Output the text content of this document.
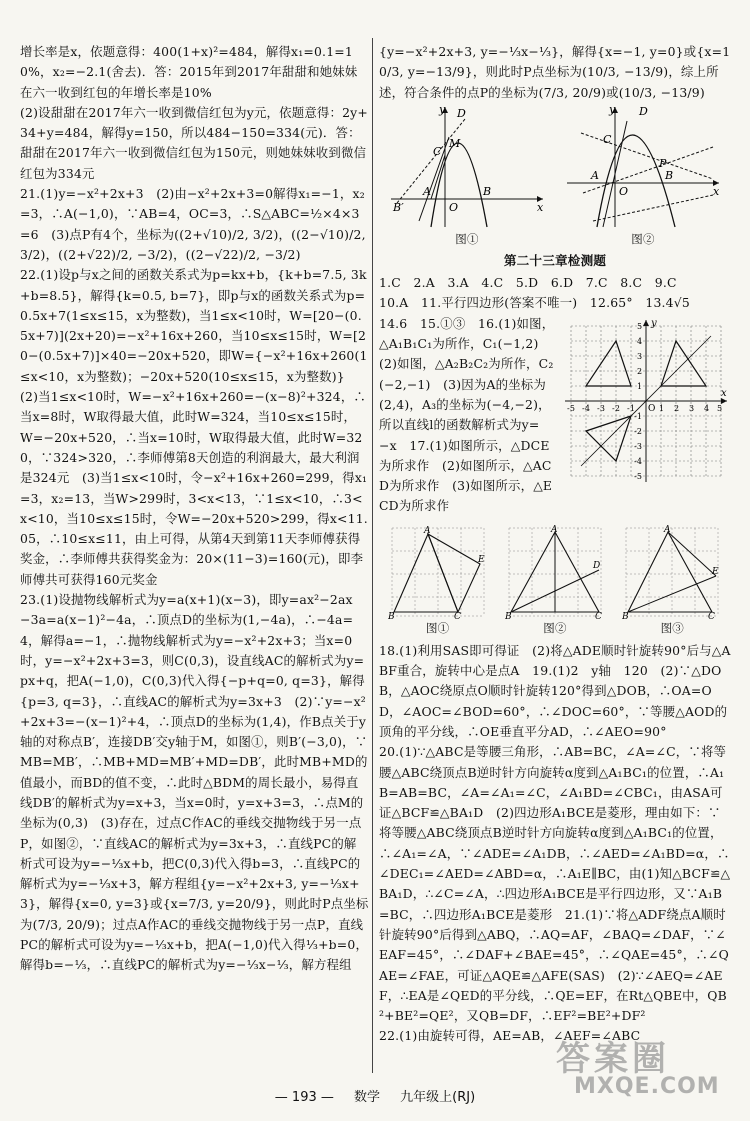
增长率是x，依题意得：400(1+x)²=484，解得x₁=0.1=10%，x₂=−2.1(舍去)．答：2015年到2017年甜甜和她妹妹在六一收到红包的年增长率是10%

(2)设甜甜在2017年六一收到微信红包为y元，依题意得：2y+34+y=484，解得y=150，所以484−150=334(元)．答：甜甜在2017年六一收到微信红包为150元，则她妹妹收到微信红包为334元

21.(1)y=−x²+2x+3　(2)由−x²+2x+3=0解得x₁=−1，x₂=3，∴A(−1,0)，∵AB=4，OC=3，∴S△ABC=½×4×3=6　(3)点P有4个，坐标为((2+√10)/2, 3/2)，((2−√10)/2, 3/2)，((2+√22)/2, −3/2)，((2−√22)/2, −3/2)

22.(1)设p与x之间的函数关系式为p=kx+b，{k+b=7.5, 3k+b=8.5}，解得{k=0.5, b=7}，即p与x的函数关系式为p=0.5x+7(1≤x≤15，x为整数)，当1≤x<10时，W=[20−(0.5x+7)](2x+20)=−x²+16x+260，当10≤x≤15时，W=[20−(0.5x+7)]×40=−20x+520，即W={−x²+16x+260(1≤x<10，x为整数)；−20x+520(10≤x≤15，x为整数)}　(2)当1≤x<10时，W=−x²+16x+260=−(x−8)²+324，∴当x=8时，W取得最大值，此时W=324，当10≤x≤15时，W=−20x+520，∴当x=10时，W取得最大值，此时W=320，∵324>320，∴李师傅第8天创造的利润最大，最大利润是324元　(3)当1≤x<10时，令−x²+16x+260=299，得x₁=3，x₂=13，当W>299时，3<x<13，∵1≤x<10，∴3<x<10，当10≤x≤15时，令W=−20x+520>299，得x<11.05，∴10≤x≤11，由上可得，从第4天到第11天李师傅获得奖金，∴李师傅共获得奖金为：20×(11−3)=160(元)，即李师傅共可获得160元奖金

23.(1)设抛物线解析式为y=a(x+1)(x−3)，即y=ax²−2ax−3a=a(x−1)²−4a，∴顶点D的坐标为(1,−4a)，∴−4a=4，解得a=−1，∴抛物线解析式为y=−x²+2x+3；当x=0时，y=−x²+2x+3=3，则C(0,3)，设直线AC的解析式为y=px+q，把A(−1,0)，C(0,3)代入得{−p+q=0, q=3}，解得{p=3, q=3}，∴直线AC的解析式为y=3x+3　(2)∵y=−x²+2x+3=−(x−1)²+4，∴顶点D的坐标为(1,4)，作B点关于y轴的对称点B′，连接DB′交y轴于M，如图①，则B′(−3,0)，∵MB=MB′，∴MB+MD=MB′+MD=DB′，此时MB+MD的值最小，而BD的值不变，∴此时△BDM的周长最小，易得直线DB′的解析式为y=x+3，当x=0时，y=x+3=3，∴点M的坐标为(0,3)　(3)存在，过点C作AC的垂线交抛物线于另一点P，如图②，∵直线AC的解析式为y=3x+3，∴直线PC的解析式可设为y=−⅓x+b，把C(0,3)代入得b=3，∴直线PC的解析式为y=−⅓x+3，解方程组{y=−x²+2x+3, y=−⅓x+3}，解得{x=0, y=3}或{x=7/3, y=20/9}，则此时P点坐标为(7/3, 20/9)；过点A作AC的垂线交抛物线于另一点P，直线PC的解析式可设为y=−⅓x+b，把A(−1,0)代入得⅓+b=0，解得b=−⅓，∴直线PC的解析式为y=−⅓x−⅓，解方程组

{y=−x²+2x+3, y=−⅓x−⅓}，解得{x=−1, y=0}或{x=10/3, y=−13/9}，则此时P点坐标为(10/3, −13/9)，综上所述，符合条件的点P的坐标为(7/3, 20/9)或(10/3, −13/9)

y
x
O
A	B
B′
C
D
M
图①
y
x
O
A	B
C
D
P
图②

第二十三章检测题

1.C　2.A　3.A　4.C　5.D　6.D　7.C　8.C　9.C

10.A　11.平行四边形(答案不唯一)　12.65°　13.4√5

x
y
O
-5 -4 -3 -2 -1	1 2 3 4 5
5
4
3
2
1
-1
-2
-3
-4
-5

14.6　15.①③　16.(1)如图，△A₁B₁C₁为所作，C₁(−1,2)　(2)如图，△A₂B₂C₂为所作，C₂(−2,−1)　(3)因为A的坐标为(2,4)，A₃的坐标为(−4,−2)，所以直线l的函数解析式为y=−x　17.(1)如图所示，△DCE为所求作　(2)如图所示，△ACD为所求作　(3)如图所示，△ECD为所求作

A
B	C
E
图①
A
B	C
D
图②
A
B	C
E
图③

18.(1)利用SAS即可得证　(2)将△ADE顺时针旋转90°后与△ABF重合，旋转中心是点A　19.(1)2　y轴　120　(2)∵△DOB，△AOC绕原点O顺时针旋转120°得到△DOB，∴OA=OD，∠AOC=∠BOD=60°，∴∠DOC=60°，∵等腰△AOD的顶角的平分线，∴OE垂直平分AD，∴∠AEO=90°

20.(1)∵△ABC是等腰三角形，∴AB=BC，∠A=∠C，∵将等腰△ABC绕顶点B逆时针方向旋转α度到△A₁BC₁的位置，∴A₁B=AB=BC，∠A=∠A₁=∠C，∠A₁BD=∠CBC₁，由ASA可证△BCF≌△BA₁D　(2)四边形A₁BCE是菱形，理由如下：∵将等腰△ABC绕顶点B逆时针方向旋转α度到△A₁BC₁的位置，∴∠A₁=∠A，∵∠ADE=∠A₁DB，∴∠AED=∠A₁BD=α，∴∠DEC₁=∠AED=∠ABD=α，∴A₁E∥BC，由(1)知△BCF≌△BA₁D，∴∠C=∠A，∴四边形A₁BCE是平行四边形，又∵A₁B=BC，∴四边形A₁BCE是菱形　21.(1)∵将△ADF绕点A顺时针旋转90°后得到△ABQ，∴AQ=AF，∠BAQ=∠DAF，∵∠EAF=45°，∴∠DAF+∠BAE=45°，∴∠QAE=45°，∴∠QAE=∠FAE，可证△AQE≌△AFE(SAS)　(2)∵∠AEQ=∠AEF，∴EA是∠QED的平分线，∴QE=EF，在Rt△QBE中，QB²+BE²=QE²，又QB=DF，∴EF²=BE²+DF²

22.(1)由旋转可得，AE=AB，∠AEF=∠ABC

— 193 — 数学 九年级上(RJ)
答案圈
MXQE.COM
